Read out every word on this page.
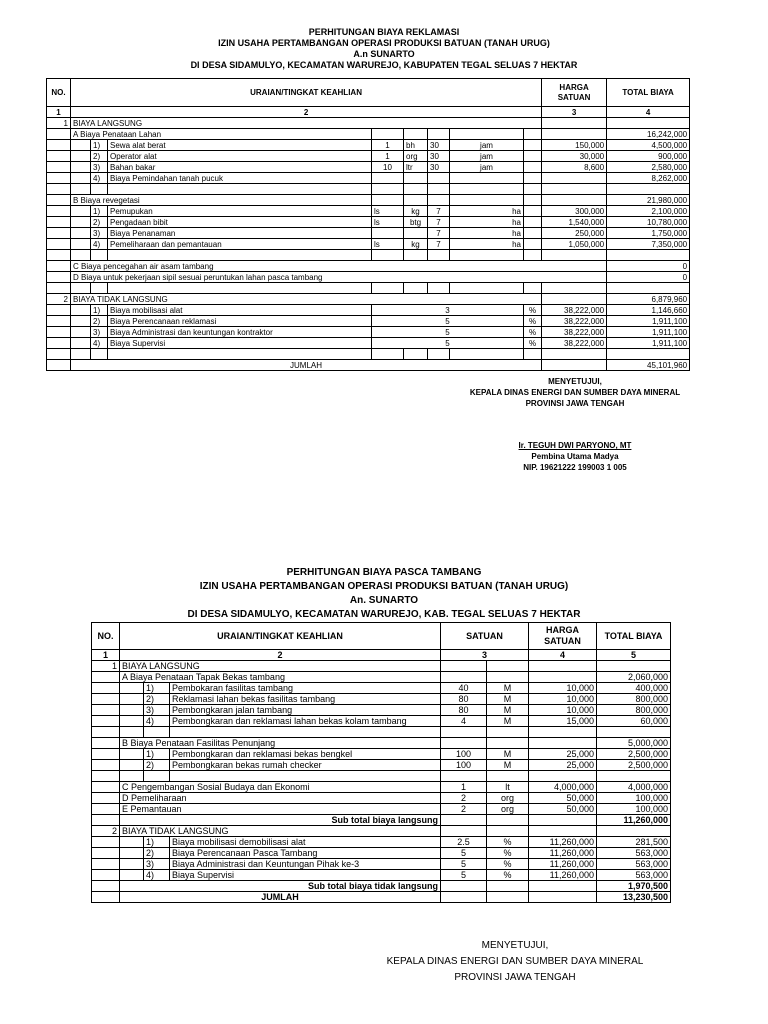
PERHITUNGAN BIAYA REKLAMASI
IZIN USAHA PERTAMBANGAN OPERASI PRODUKSI BATUAN (TANAH URUG)
A.n SUNARTO
DI DESA SIDAMULYO, KECAMATAN WARUREJO, KABUPATEN TEGAL SELUAS 7 HEKTAR
NO.	URAIAN/TINGKAT KEAHLIAN								HARGA SATUAN	TOTAL BIAYA
1	2								3	4
1	BIAYA LANGSUNG									
	A Biaya Penataan Lahan									16,242,000
		1)	Sewa alat berat	1	bh	30	jam		150,000	4,500,000
		2)	Operator alat	1	org	30	jam		30,000	900,000
		3)	Bahan bakar	10	ltr	30	jam		8,600	2,580,000
		4)	Biaya Pemindahan tanah pucuk							8,262,000

	B Biaya revegetasi									21,980,000
		1)	Pemupukan	ls	kg	7	ha		300,000	2,100,000
		2)	Pengadaan bibit	ls	btg	7	ha		1,540,000	10,780,000
		3)	Biaya Penanaman			7	ha		250,000	1,750,000
		4)	Pemeliharaan dan pemantauan	ls	kg	7	ha		1,050,000	7,350,000

	C Biaya pencegahan air asam tambang									0
	D Biaya untuk pekerjaan sipil sesuai peruntukan lahan pasca tambang									0

2	BIAYA TIDAK LANGSUNG									6,879,960
		1)	Biaya mobilisasi alat	3				%	38,222,000	1,146,660
		2)	Biaya Perencanaan reklamasi	5				%	38,222,000	1,911,100
		3)	Biaya Administrasi dan keuntungan kontraktor	5				%	38,222,000	1,911,100
		4)	Biaya Supervisi	5				%	38,222,000	1,911,100

	JUMLAH									45,101,960
MENYETUJUI,
KEPALA DINAS ENERGI DAN SUMBER DAYA MINERAL
PROVINSI JAWA TENGAH
Ir. TEGUH DWI PARYONO, MT
Pembina Utama Madya
NIP. 19621222 199003 1 005
PERHITUNGAN BIAYA PASCA TAMBANG
IZIN USAHA PERTAMBANGAN OPERASI PRODUKSI BATUAN (TANAH URUG)
An. SUNARTO
DI DESA SIDAMULYO, KECAMATAN WARUREJO, KAB. TEGAL SELUAS 7 HEKTAR
NO.	URAIAN/TINGKAT KEAHLIAN			SATUAN		HARGA SATUAN	TOTAL BIAYA
1	2			3		4	5
1	BIAYA LANGSUNG						
	A Biaya Penataan Tapak Bekas tambang						2,060,000
		1)	Pembokaran fasilitas tambang	40	M	10,000	400,000
		2)	Reklamasi lahan bekas fasilitas tambang	80	M	10,000	800,000
		3)	Pembongkaran jalan tambang	80	M	10,000	800,000
		4)	Pembongkaran dan reklamasi lahan bekas kolam tambang	4	M	15,000	60,000

	B Biaya Penataan Fasilitas Penunjang						5,000,000
		1)	Pembongkaran dan reklamasi bekas bengkel	100	M	25,000	2,500,000
		2)	Pembongkaran bekas rumah checker	100	M	25,000	2,500,000

	C Pengembangan Sosial Budaya dan Ekonomi			1	lt	4,000,000	4,000,000
	D Pemeliharaan			2	org	50,000	100,000
	E Pemantauan			2	org	50,000	100,000
	Sub total biaya langsung						11,260,000
2	BIAYA TIDAK LANGSUNG						
		1)	Biaya mobilisasi demobilisasi alat	2.5	%	11,260,000	281,500
		2)	Biaya Perencanaan Pasca Tambang	5	%	11,260,000	563,000
		3)	Biaya Administrasi dan Keuntungan Pihak ke-3	5	%	11,260,000	563,000
		4)	Biaya Supervisi	5	%	11,260,000	563,000
	Sub total biaya tidak langsung						1,970,500
	JUMLAH						13,230,500
MENYETUJUI,
KEPALA DINAS ENERGI DAN SUMBER DAYA MINERAL
PROVINSI JAWA TENGAH
